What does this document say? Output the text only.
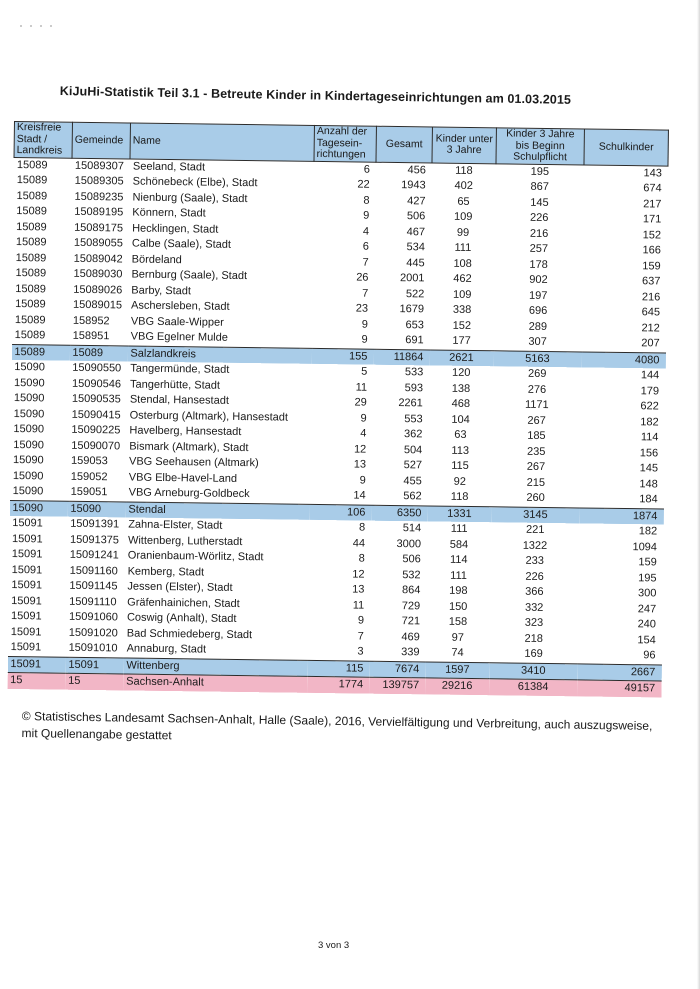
KiJuHi-Statistik Teil 3.1 - Betreute Kinder in Kindertageseinrichtungen am 01.03.2015
Kreisfreie Stadt / Landkreis	Gemeinde	Name	Anzahl der Tagesein-richtungen	Gesamt	Kinder unter 3 Jahre	Kinder 3 Jahre bis Beginn Schulpflicht	Schulkinder
15089	15089307	Seeland, Stadt	6	456	118	195	143
15089	15089305	Schönebeck (Elbe), Stadt	22	1943	402	867	674
15089	15089235	Nienburg (Saale), Stadt	8	427	65	145	217
15089	15089195	Könnern, Stadt	9	506	109	226	171
15089	15089175	Hecklingen, Stadt	4	467	99	216	152
15089	15089055	Calbe (Saale), Stadt	6	534	111	257	166
15089	15089042	Bördeland	7	445	108	178	159
15089	15089030	Bernburg (Saale), Stadt	26	2001	462	902	637
15089	15089026	Barby, Stadt	7	522	109	197	216
15089	15089015	Aschersleben, Stadt	23	1679	338	696	645
15089	158952	VBG Saale-Wipper	9	653	152	289	212
15089	158951	VBG Egelner Mulde	9	691	177	307	207
15089	15089	Salzlandkreis	155	11864	2621	5163	4080
15090	15090550	Tangermünde, Stadt	5	533	120	269	144
15090	15090546	Tangerhütte, Stadt	11	593	138	276	179
15090	15090535	Stendal, Hansestadt	29	2261	468	1171	622
15090	15090415	Osterburg (Altmark), Hansestadt	9	553	104	267	182
15090	15090225	Havelberg, Hansestadt	4	362	63	185	114
15090	15090070	Bismark (Altmark), Stadt	12	504	113	235	156
15090	159053	VBG Seehausen (Altmark)	13	527	115	267	145
15090	159052	VBG Elbe-Havel-Land	9	455	92	215	148
15090	159051	VBG Arneburg-Goldbeck	14	562	118	260	184
15090	15090	Stendal	106	6350	1331	3145	1874
15091	15091391	Zahna-Elster, Stadt	8	514	111	221	182
15091	15091375	Wittenberg, Lutherstadt	44	3000	584	1322	1094
15091	15091241	Oranienbaum-Wörlitz, Stadt	8	506	114	233	159
15091	15091160	Kemberg, Stadt	12	532	111	226	195
15091	15091145	Jessen (Elster), Stadt	13	864	198	366	300
15091	15091110	Gräfenhainichen, Stadt	11	729	150	332	247
15091	15091060	Coswig (Anhalt), Stadt	9	721	158	323	240
15091	15091020	Bad Schmiedeberg, Stadt	7	469	97	218	154
15091	15091010	Annaburg, Stadt	3	339	74	169	96
15091	15091	Wittenberg	115	7674	1597	3410	2667
15	15	Sachsen-Anhalt	1774	139757	29216	61384	49157
© Statistisches Landesamt Sachsen-Anhalt, Halle (Saale), 2016, Vervielfältigung und Verbreitung, auch auszugsweise, mit Quellenangabe gestattet
3 von 3
